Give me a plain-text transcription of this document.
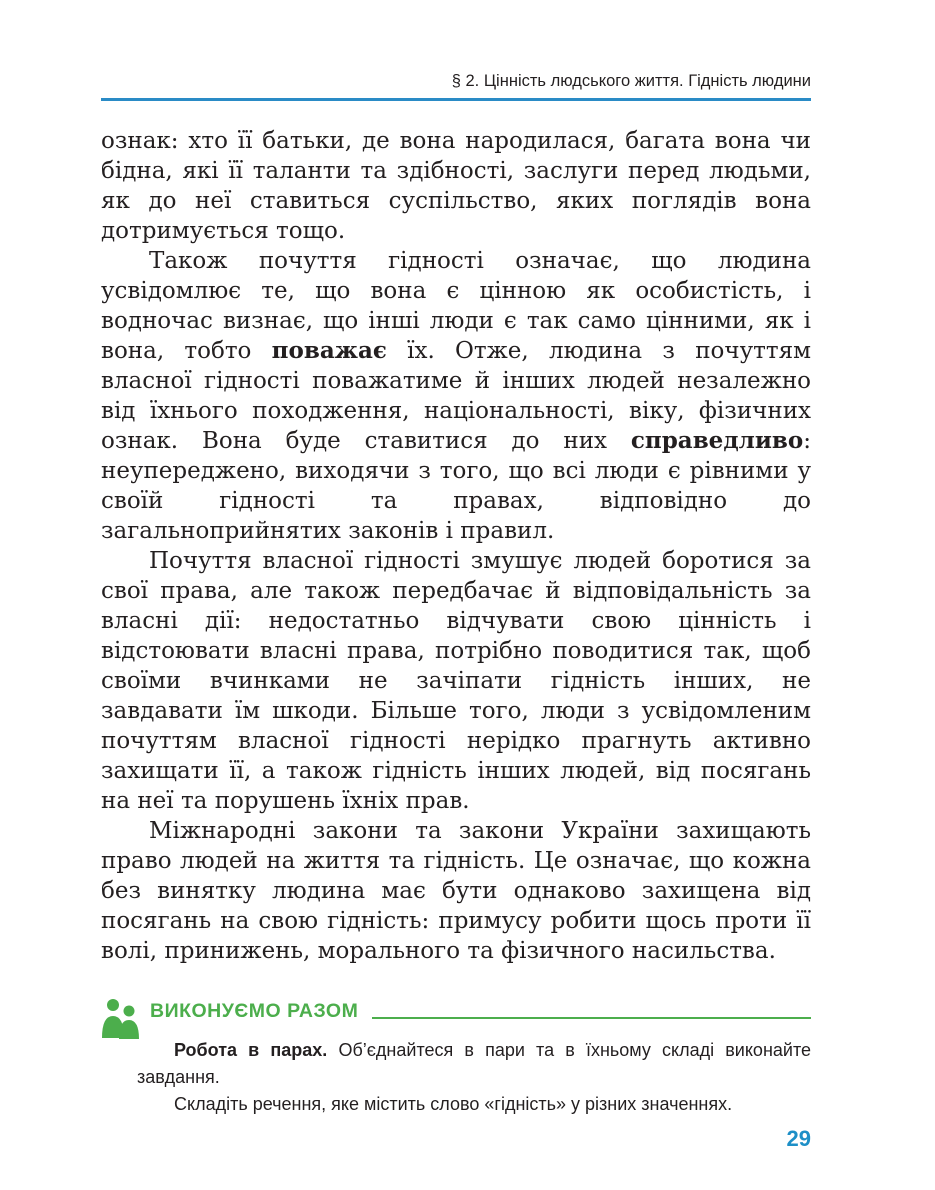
§ 2. Цінність людського життя. Гідність людини

ознак: хто її батьки, де вона народилася, багата вона чи бідна, які її таланти та здібності, заслуги перед людьми, як до неї ставиться суспільство, яких поглядів вона дотримується тощо.

Також почуття гідності означає, що людина усвідомлює те, що вона є цінною як особистість, і водночас визнає, що інші люди є так само цінними, як і вона, тобто поважає їх. Отже, людина з почуттям власної гідності поважатиме й інших людей незалежно від їхнього походження, національності, віку, фізичних ознак. Вона буде ставитися до них справедливо: неупереджено, виходячи з того, що всі люди є рівними у своїй гідності та правах, відповідно до загальноприйнятих законів і правил.

Почуття власної гідності змушує людей боротися за свої права, але також передбачає й відповідальність за власні дії: недостатньо відчувати свою цінність і відстоювати власні права, потрібно поводитися так, щоб своїми вчинками не зачіпати гідність інших, не завдавати їм шкоди. Більше того, люди з усвідомленим почуттям власної гідності нерідко прагнуть активно захищати її, а також гідність інших людей, від посягань на неї та порушень їхніх прав.

Міжнародні закони та закони України захищають право людей на життя та гідність. Це означає, що кожна без винятку людина має бути однаково захищена від посягань на свою гідність: примусу робити щось проти її волі, принижень, морального та фізичного насильства.

ВИКОНУЄМО РАЗОМ

Робота в парах. Об’єднайтеся в пари та в їхньому складі виконайте завдання.

Складіть речення, яке містить слово «гідність» у різних значеннях.

29
